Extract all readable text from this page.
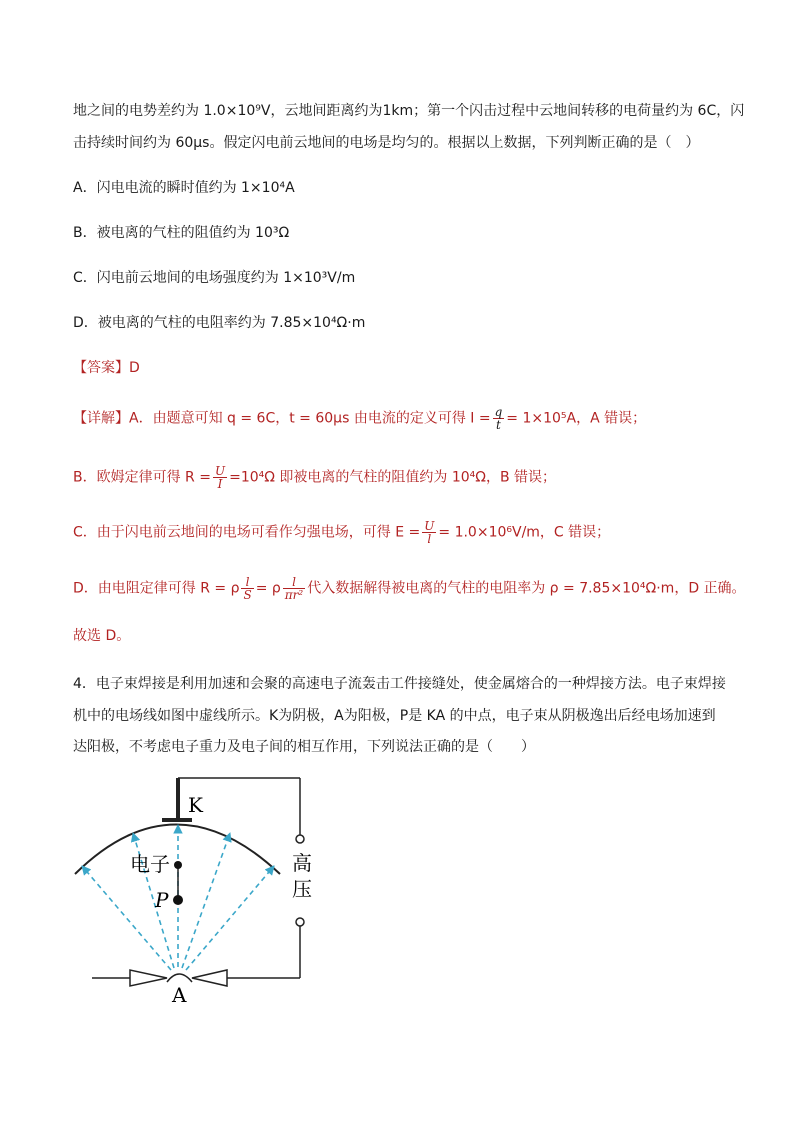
地之间的电势差约为 1.0×10⁹V，云地间距离约为1km；第一个闪击过程中云地间转移的电荷量约为 6C，闪
击持续时间约为 60μs。假定闪电前云地间的电场是均匀的。根据以上数据，下列判断正确的是（　）
A．闪电电流的瞬时值约为 1×10⁴A
B．被电离的气柱的阻值约为 10³Ω
C．闪电前云地间的电场强度约为 1×10³V/m
D．被电离的气柱的电阻率约为 7.85×10⁴Ω·m
【答案】D
【详解】A．由题意可知 q = 6C，t = 60μs 由电流的定义可得 $I = \frac{q}{t} = 1\times 10^5A$，A 错误；
B．欧姆定律可得 $R = \frac{U}{I} =10^4\Omega$ 即被电离的气柱的阻值约为 10⁴Ω，B 错误；
C．由于闪电前云地间的电场可看作匀强电场，可得 $E = \frac{U}{l} = 1.0\times 10^6V/m$，C 错误；
D．由电阻定律可得 R = ρ $\frac{l}{S} = \rho \frac{l}{\text{πr²}}$ 代入数据解得被电离的气柱的电阻率为 ρ = 7.85×10⁴Ω·m，D 正确。
故选 D。
4．电子束焊接是利用加速和会聚的高速电子流轰击工件接缝处，使金属熔合的一种焊接方法。电子束焊接
机中的电场线如图中虚线所示。K为阴极，A为阳极，P是 KA 的中点，电子束从阴极逸出后经电场加速到
达阳极，不考虑电子重力及电子间的相互作用，下列说法正确的是（　　）
高
压
A
K
电子
P
